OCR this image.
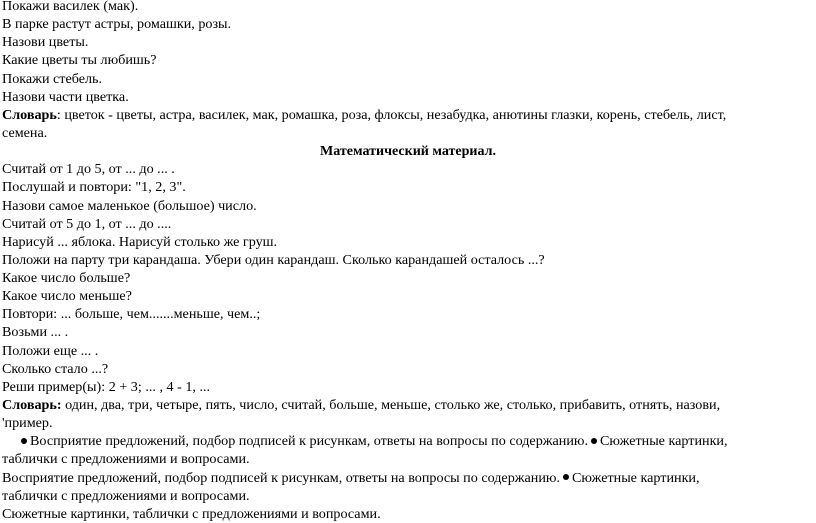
Покажи василек (мак).
В парке растут астры, ромашки, розы.
Назови цветы.
Какие цветы ты любишь?
Покажи стебель.
Назови части цветка.
Словарь: цветок - цветы, астра, василек, мак, ромашка, роза, флоксы, незабудка, анютины глазки, корень, стебель, лист,
семена.
Математический материал.
Считай от 1 до 5, от ... до ... .
Послушай и повтори: "1, 2, 3".
Назови самое маленькое (большое) число.
Считай от 5 до 1, от ... до ....
Нарисуй ... яблока. Нарисуй столько же груш.
Положи на парту три карандаша. Убери один карандаш. Сколько карандашей осталось ...?
Какое число больше?
Какое число меньше?
Повтори: ... больше, чем.......меньше, чем..;
Возьми ... .
Положи еще ... .
Сколько стало ...?
Реши пример(ы): 2 + 3; ... , 4 - 1, ...
Словарь: один, два, три, четыре, пять, число, считай, больше, меньше, столько же, столько, прибавить, отнять, назови,
'пример.
Восприятие предложений, подбор подписей к рисункам, ответы на вопросы по содержанию. Сюжетные картинки,
таблички с предложениями и вопросами.
Восприятие предложений, подбор подписей к рисункам, ответы на вопросы по содержанию. Сюжетные картинки,
таблички с предложениями и вопросами.
Сюжетные картинки, таблички с предложениями и вопросами.
